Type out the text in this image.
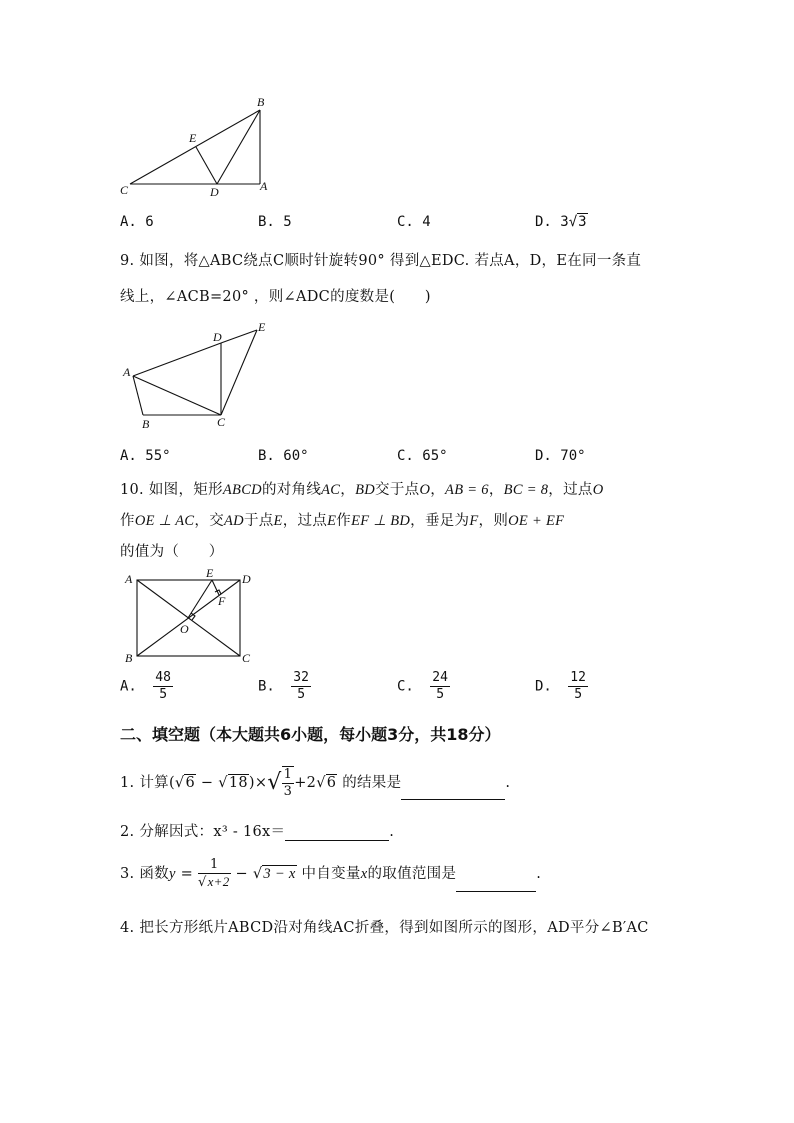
B
E
C	D	A
A. 6	B. 5	C. 4	D. 3√3
9. 如图，将△ABC绕点C顺时针旋转90° 得到△EDC. 若点A，D，E在同一条直
线上，∠ACB=20° ，则∠ADC的度数是(　　)
A
B	C
D
E
A. 55°	B. 60°	C. 65°	D. 70°
10. 如图，矩形ABCD的对角线AC，BD交于点O，AB = 6，BC = 8，过点O
作OE ⊥ AC，交AD于点E，过点E作EF ⊥ BD，垂足为F，则OE + EF
的值为（　　）
A	E D
F
O
B	C
A. $\frac{48}{5}$	B. $\frac{32}{5}$	C. $\frac{24}{5}$	D. $\frac{12}{5}$
二、填空题（本大题共6小题，每小题3分，共18分）
1. 计算$(√6 - √18)\times√ \frac{1}{3} +2√6$ 的结果是	.
2. 分解因式：x³ - 16x＝	.
3. 函数$y = \frac{1}{√x+2} - √3 - x$ 中自变量x的取值范围是	.
4. 把长方形纸片ABCD沿对角线AC折叠，得到如图所示的图形，AD平分∠B′AC
